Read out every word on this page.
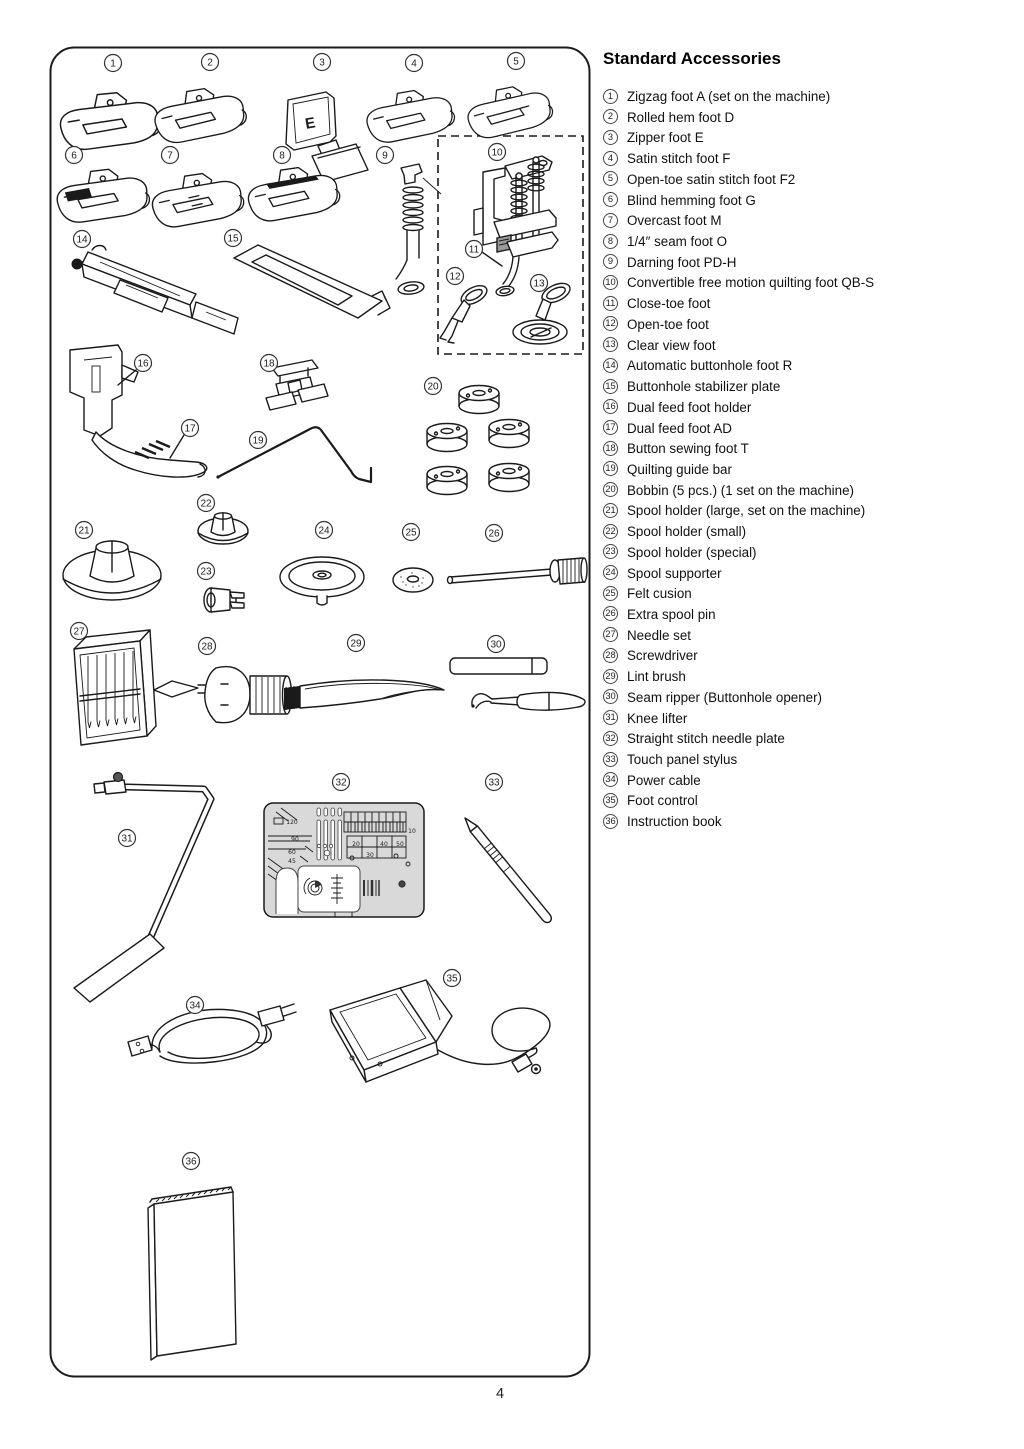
E
120
90
60
45
10
20	40 50
30
1	2	3	4	5
6	7	8	9	10
11
12
13
14	15
16
17
18
19
20
21
22
23
24	25	26
27
28	29	30
31
32	33
34
35
36
Standard Accessories
1	Zigzag foot A (set on the machine)
2	Rolled hem foot D
3	Zipper foot E
4	Satin stitch foot F
5	Open-toe satin stitch foot F2
6	Blind hemming foot G
7	Overcast foot M
8	1/4″ seam foot O
9	Darning foot PD-H
10 Convertible free motion quilting foot QB-S
11 Close-toe foot
12 Open-toe foot
13 Clear view foot
14 Automatic buttonhole foot R
15 Buttonhole stabilizer plate
16 Dual feed foot holder
17 Dual feed foot AD
18 Button sewing foot T
19 Quilting guide bar
20 Bobbin (5 pcs.) (1 set on the machine)
21 Spool holder (large, set on the machine)
22 Spool holder (small)
23 Spool holder (special)
24 Spool supporter
25 Felt cusion
26 Extra spool pin
27 Needle set
28 Screwdriver
29 Lint brush
30 Seam ripper (Buttonhole opener)
31 Knee lifter
32 Straight stitch needle plate
33 Touch panel stylus
34 Power cable
35 Foot control
36 Instruction book
4
